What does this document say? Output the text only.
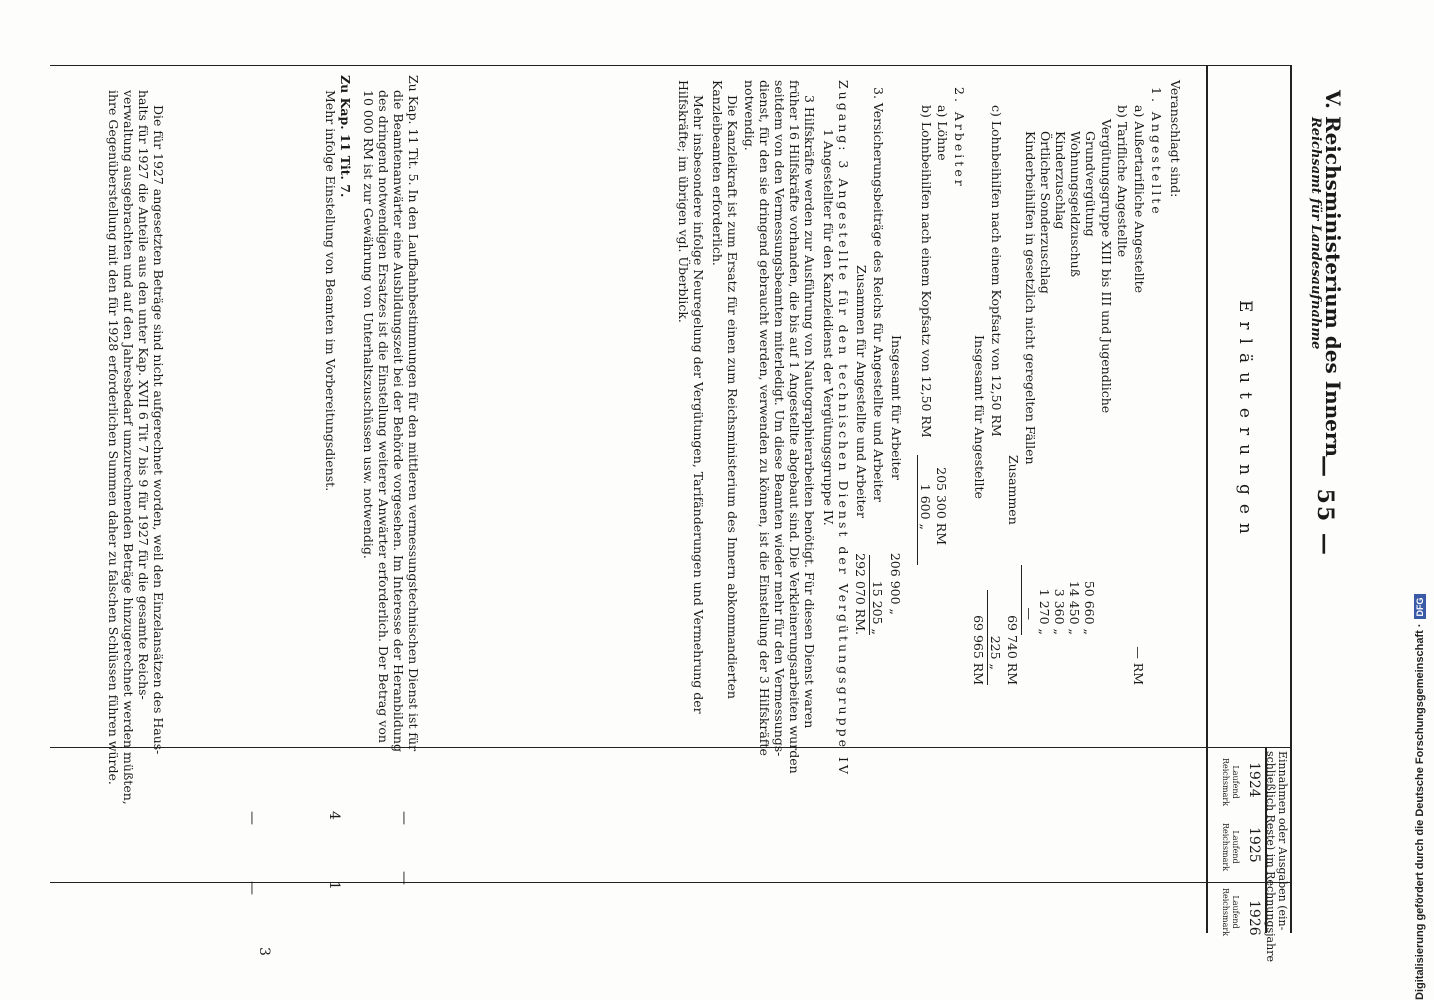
— 55 —
V. Reichsministerium des Innern
Reichsamt für Landesaufnahme
Einnahmen oder Ausgaben (ein-
schließlich Reste) im Rechnungsjahre
1924
1925
1926
Laufend
Reichsmark
Laufend
Reichsmark
Laufend
Reichsmark
Erläuterungen
—
—
4
1
—
—
3
Veranschlagt sind:
1. Angestellte
a) Außertarifliche Angestellte
b) Tarifliche Angestellte
Vergütungsgruppe XIII bis III und Jugendliche
Grundvergütung
Wohnungsgeldzuschuß
Kinderzuschlag
Örtlicher Sonderzuschlag
Kinderbeihilfen in gesetzlich nicht geregelten Fällen
Zusammen
c) Lohnbeihilfen nach einem Kopfsatz von 12,50 RM
Insgesamt für Angestellte
2. Arbeiter
a) Löhne
b) Lohnbeihilfen nach einem Kopfsatz von 12,50 RM
Insgesamt für Arbeiter
3. Versicherungsbeiträge des Reichs für Angestellte und Arbeiter
Zusammen für Angestellte und Arbeiter
Zugang: 3 Angestellte für den technischen Dienst der Vergütungsgruppe IV
1 Angestellter für den Kanzleidienst der Vergütungsgruppe IV.
3 Hilfskräfte werden zur Ausführung von Nautographierarbeiten benötigt. Für diesen Dienst waren
früher 16 Hilfskräfte vorhanden, die bis auf 1 Angestellte abgebaut sind. Die Verkleinerungsarbeiten wurden
seitdem von den Vermessungsbeamten miterledigt. Um diese Beamten wieder mehr für den Vermessungs-
dienst, für den sie dringend gebraucht werden, verwenden zu können, ist die Einstellung der 3 Hilfskräfte
notwendig.
Die Kanzleikraft ist zum Ersatz für einen zum Reichsministerium des Innern abkommandierten
Kanzleibeamten erforderlich.
Mehr insbesondere infolge Neuregelung der Vergütungen, Tarifänderungen und Vermehrung der
Hilfskräfte; im übrigen vgl. Überblick.
Zu Kap. 11 Tit. 5. In den Laufbahnbestimmungen für den mittleren vermessungstechnischen Dienst ist für
die Beamtenanwärter eine Ausbildungszeit bei der Behörde vorgesehen. Im Interesse der Heranbildung
des dringend notwendigen Ersatzes ist die Einstellung weiterer Anwärter erforderlich. Der Betrag von
10 000 RM ist zur Gewährung von Unterhaltszuschüssen usw. notwendig.
Zu Kap. 11 Tit. 7.
Mehr infolge Einstellung von Beamten im Vorbereitungsdienst.
Die für 1927 angesetzten Beträge sind nicht aufgerechnet worden, weil den Einzelansätzen des Haus-
halts für 1927 die Anteile aus den unter Kap. XVII 6 Tit 7 bis 9 für 1927 für die gesamte Reichs-
verwaltung ausgebrachten und auf den Jahresbedarf umzurechnenden Beträge hinzugerechnet werden müßten,
ihre Gegenüberstellung mit den für 1928 erforderlichen Summen daher zu falschen Schlüssen führen würde.	— RM
50 660 „
14 450 „
3 360 „
1 270 „
—
69 740 RM
225 „
69 965 RM
205 300 RM
1 600 „
206 900 „
15 205 „
292 070 RM.
Digitalisierung gefördert durch die Deutsche Forschungsgemeinschaft ·DFG
